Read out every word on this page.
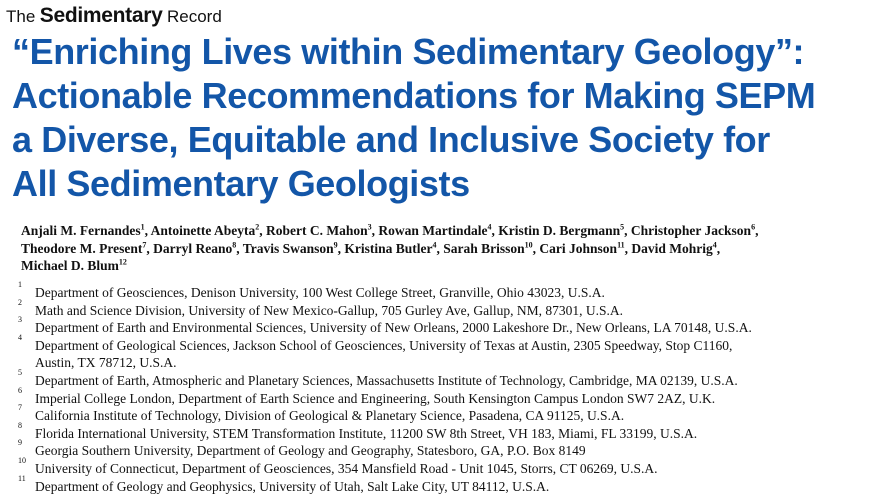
The Sedimentary Record
“Enriching Lives within Sedimentary Geology”:
Actionable Recommendations for Making SEPM
a Diverse, Equitable and Inclusive Society for
All Sedimentary Geologists
Anjali M. Fernandes$^1$, Antoinette Abeyta$^2$, Robert C. Mahon$^3$, Rowan Martindale$^4$, Kristin D. Bergmann$^5$, Christopher Jackson$^6$,
Theodore M. Present$^7$, Darryl Reano$^8$, Travis Swanson$^9$, Kristina Butler$^4$, Sarah Brisson$^{10}$, Cari Johnson$^{11}$, David Mohrig$^4$,
Michael D. Blum$^{12}$
1
Department of Geosciences, Denison University, 100 West College Street, Granville, Ohio 43023, U.S.A.
2
Math and Science Division, University of New Mexico-Gallup, 705 Gurley Ave, Gallup, NM, 87301, U.S.A.
3
Department of Earth and Environmental Sciences, University of New Orleans, 2000 Lakeshore Dr., New Orleans, LA 70148, U.S.A.
4
Department of Geological Sciences, Jackson School of Geosciences, University of Texas at Austin, 2305 Speedway, Stop C1160,
Austin, TX 78712, U.S.A.
5
Department of Earth, Atmospheric and Planetary Sciences, Massachusetts Institute of Technology, Cambridge, MA 02139, U.S.A.
6
Imperial College London, Department of Earth Science and Engineering, South Kensington Campus London SW7 2AZ, U.K.
7
California Institute of Technology, Division of Geological & Planetary Science, Pasadena, CA 91125, U.S.A.
8
Florida International University, STEM Transformation Institute, 11200 SW 8th Street, VH 183, Miami, FL 33199, U.S.A.
9
Georgia Southern University, Department of Geology and Geography, Statesboro, GA, P.O. Box 8149
10
University of Connecticut, Department of Geosciences, 354 Mansfield Road - Unit 1045, Storrs, CT 06269, U.S.A.
11
Department of Geology and Geophysics, University of Utah, Salt Lake City, UT 84112, U.S.A.
